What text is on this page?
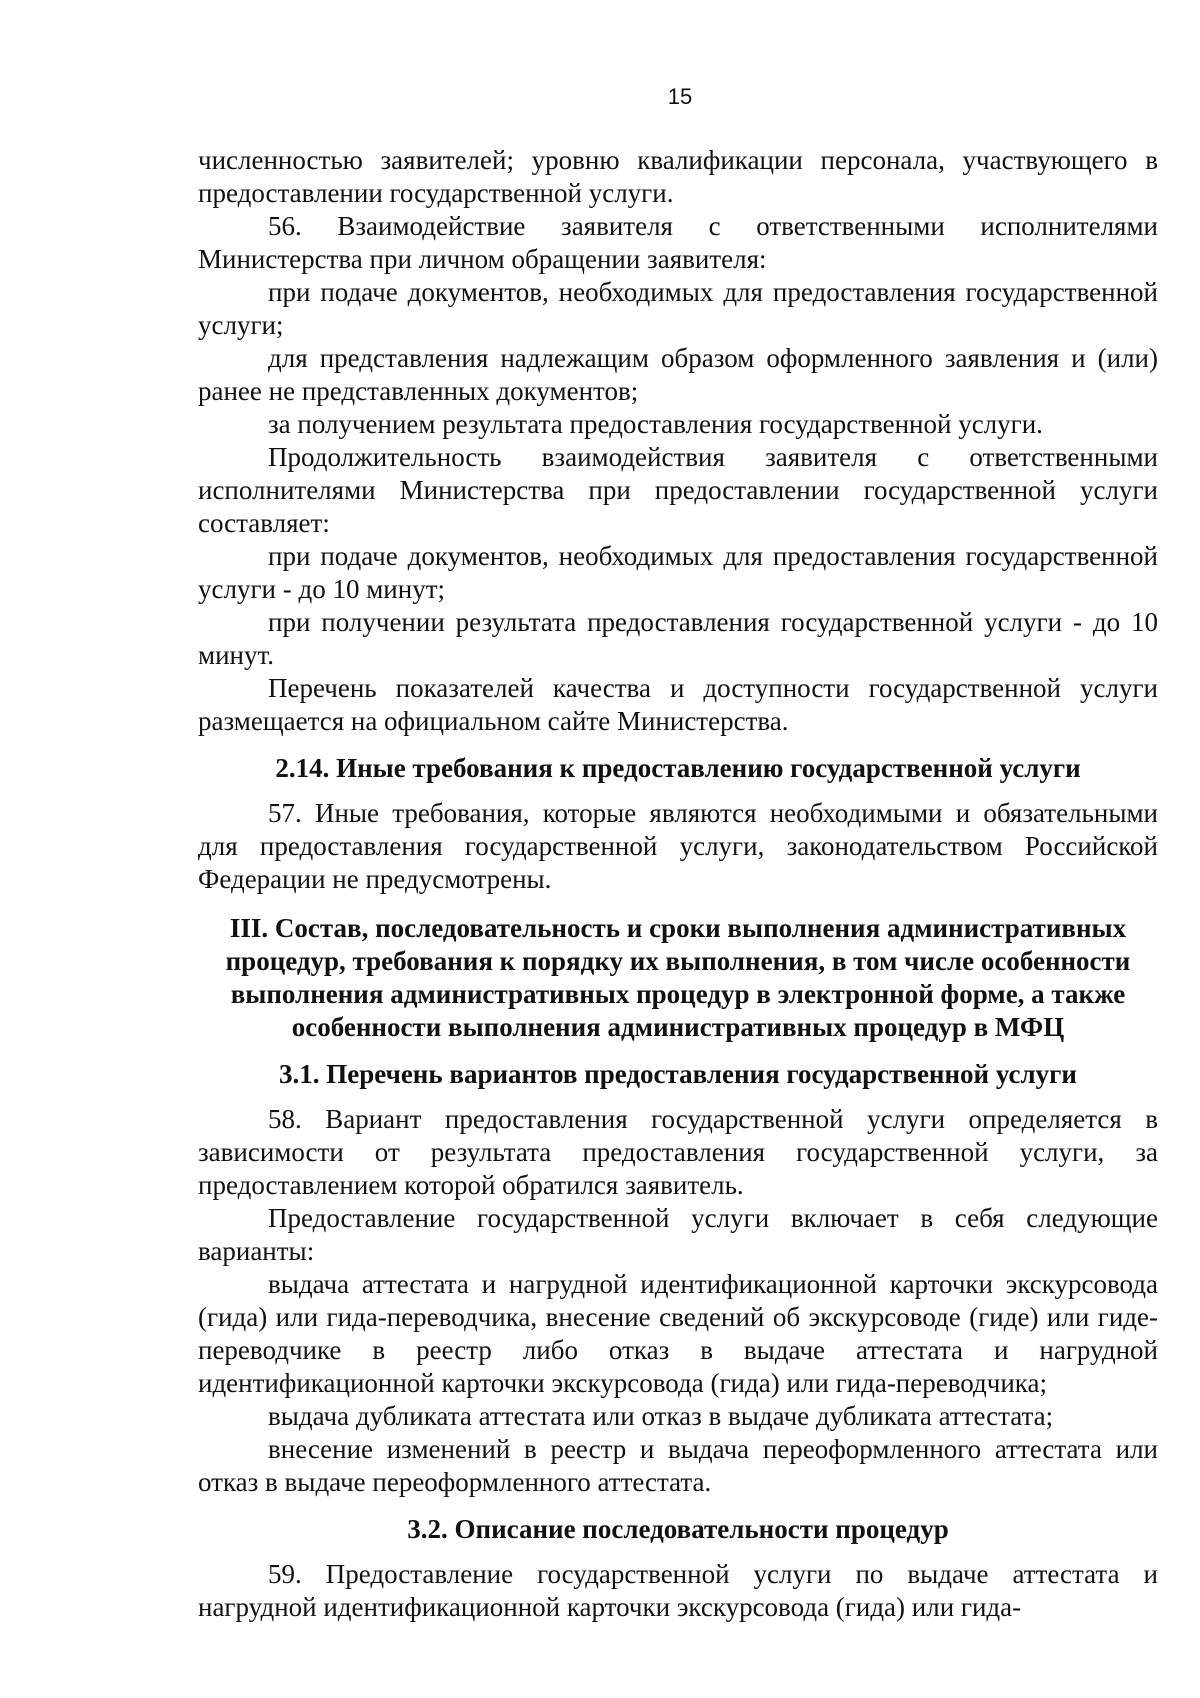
15

численностью заявителей; уровню квалификации персонала, участвующего в предоставлении государственной услуги.

56. Взаимодействие заявителя с ответственными исполнителями Министерства при личном обращении заявителя:

при подаче документов, необходимых для предоставления государственной услуги;

для представления надлежащим образом оформленного заявления и (или) ранее не представленных документов;

за получением результата предоставления государственной услуги.

Продолжительность взаимодействия заявителя с ответственными исполнителями Министерства при предоставлении государственной услуги составляет:

при подаче документов, необходимых для предоставления государственной услуги - до 10 минут;

при получении результата предоставления государственной услуги - до 10 минут.

Перечень показателей качества и доступности государственной услуги размещается на официальном сайте Министерства.

2.14. Иные требования к предоставлению государственной услуги

57. Иные требования, которые являются необходимыми и обязательными для предоставления государственной услуги, законодательством Российской Федерации не предусмотрены.

III. Состав, последовательность и сроки выполнения административных процедур, требования к порядку их выполнения, в том числе особенности выполнения административных процедур в электронной форме, а также особенности выполнения административных процедур в МФЦ
3.1. Перечень вариантов предоставления государственной услуги

58. Вариант предоставления государственной услуги определяется в зависимости от результата предоставления государственной услуги, за предоставлением которой обратился заявитель.

Предоставление государственной услуги включает в себя следующие варианты:

выдача аттестата и нагрудной идентификационной карточки экскурсовода (гида) или гида-переводчика, внесение сведений об экскурсоводе (гиде) или гиде-переводчике в реестр либо отказ в выдаче аттестата и нагрудной идентификационной карточки экскурсовода (гида) или гида-переводчика;

выдача дубликата аттестата или отказ в выдаче дубликата аттестата;

внесение изменений в реестр и выдача переоформленного аттестата или отказ в выдаче переоформленного аттестата.

3.2. Описание последовательности процедур

59. Предоставление государственной услуги по выдаче аттестата и нагрудной идентификационной карточки экскурсовода (гида) или гида-
